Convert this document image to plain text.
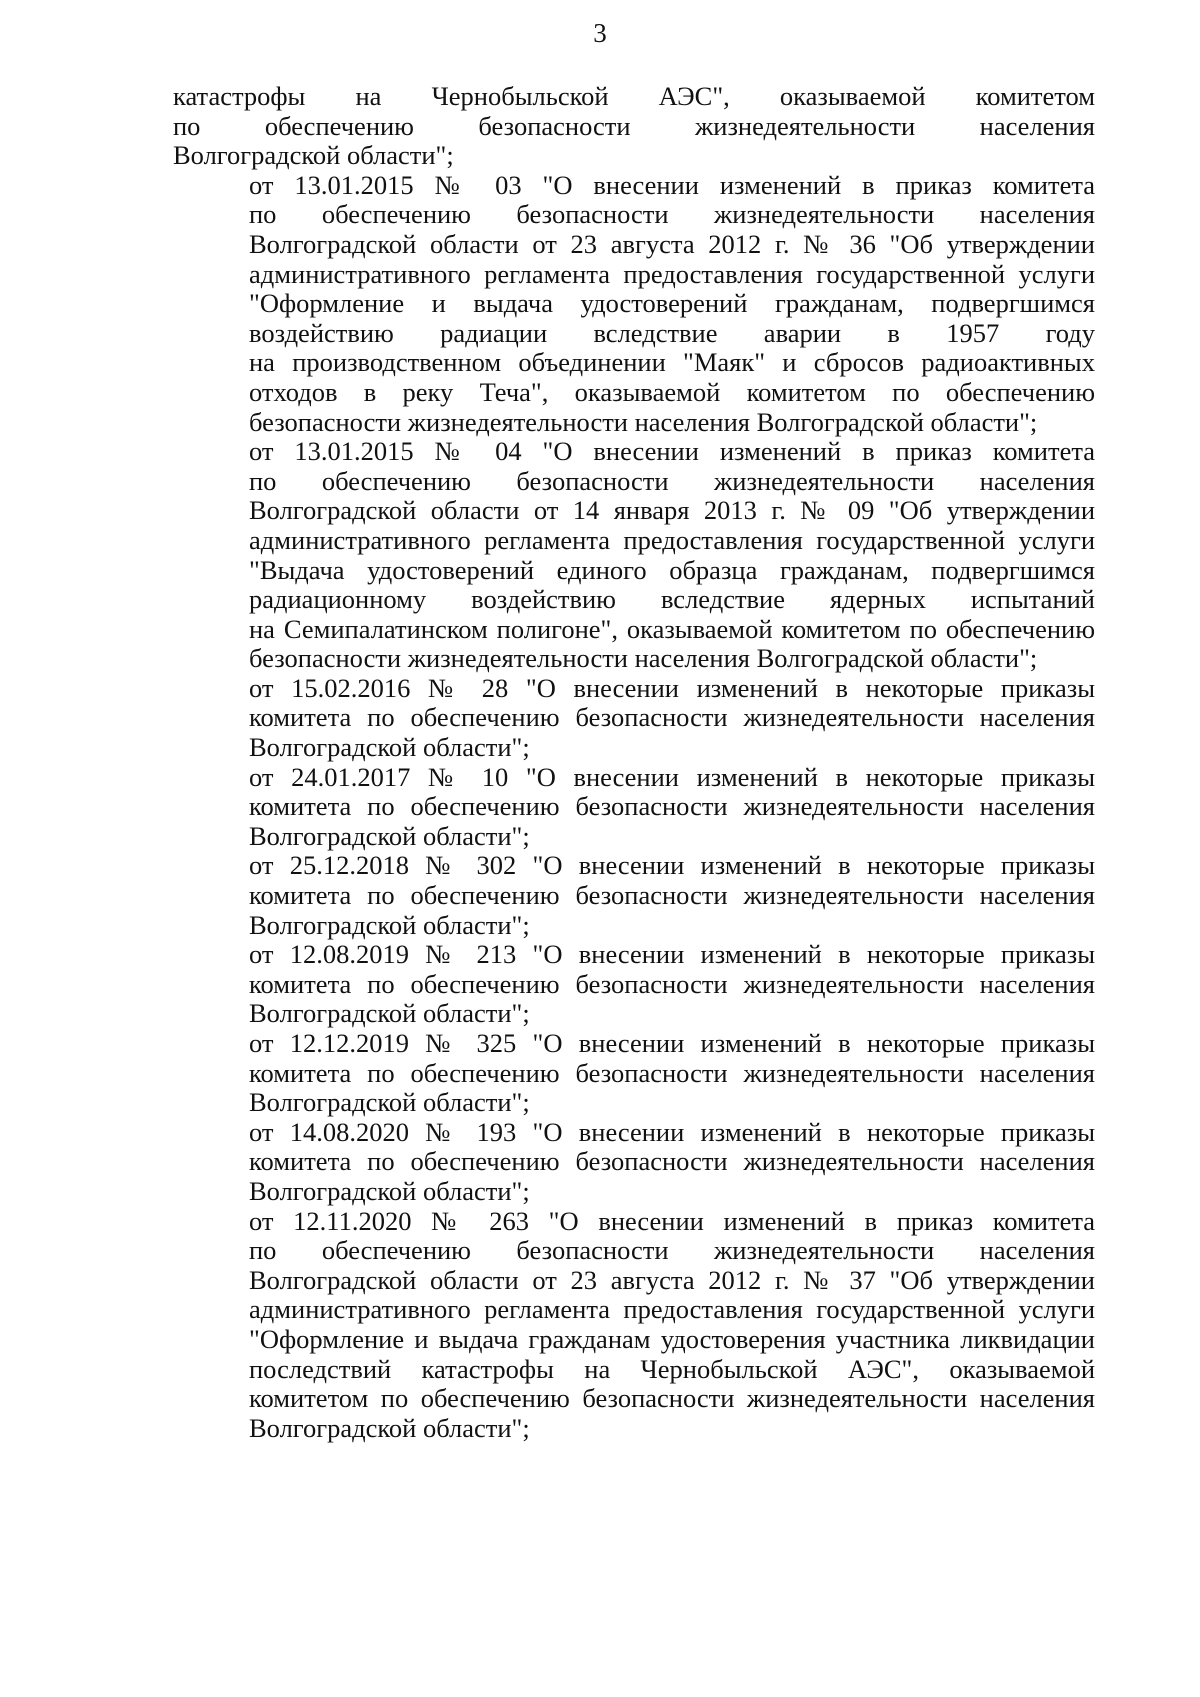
3
катастрофы на Чернобыльской АЭС", оказываемой комитетом
по обеспечению безопасности жизнедеятельности населения
Волгоградской области";
от 13.01.2015 № 03 "О внесении изменений в приказ комитета
по обеспечению безопасности жизнедеятельности населения
Волгоградской области от 23 августа 2012 г. № 36 "Об утверждении
административного регламента предоставления государственной услуги
"Оформление и выдача удостоверений гражданам, подвергшимся
воздействию радиации вследствие аварии в 1957 году
на производственном объединении "Маяк" и сбросов радиоактивных
отходов в реку Теча", оказываемой комитетом по обеспечению
безопасности жизнедеятельности населения Волгоградской области";
от 13.01.2015 № 04 "О внесении изменений в приказ комитета
по обеспечению безопасности жизнедеятельности населения
Волгоградской области от 14 января 2013 г. № 09 "Об утверждении
административного регламента предоставления государственной услуги
"Выдача удостоверений единого образца гражданам, подвергшимся
радиационному воздействию вследствие ядерных испытаний
на Семипалатинском полигоне", оказываемой комитетом по обеспечению
безопасности жизнедеятельности населения Волгоградской области";
от 15.02.2016 № 28 "О внесении изменений в некоторые приказы
комитета по обеспечению безопасности жизнедеятельности населения
Волгоградской области";
от 24.01.2017 № 10 "О внесении изменений в некоторые приказы
комитета по обеспечению безопасности жизнедеятельности населения
Волгоградской области";
от 25.12.2018 № 302 "О внесении изменений в некоторые приказы
комитета по обеспечению безопасности жизнедеятельности населения
Волгоградской области";
от 12.08.2019 № 213 "О внесении изменений в некоторые приказы
комитета по обеспечению безопасности жизнедеятельности населения
Волгоградской области";
от 12.12.2019 № 325 "О внесении изменений в некоторые приказы
комитета по обеспечению безопасности жизнедеятельности населения
Волгоградской области";
от 14.08.2020 № 193 "О внесении изменений в некоторые приказы
комитета по обеспечению безопасности жизнедеятельности населения
Волгоградской области";
от 12.11.2020 № 263 "О внесении изменений в приказ комитета
по обеспечению безопасности жизнедеятельности населения
Волгоградской области от 23 августа 2012 г. № 37 "Об утверждении
административного регламента предоставления государственной услуги
"Оформление и выдача гражданам удостоверения участника ликвидации
последствий катастрофы на Чернобыльской АЭС", оказываемой
комитетом по обеспечению безопасности жизнедеятельности населения
Волгоградской области";
